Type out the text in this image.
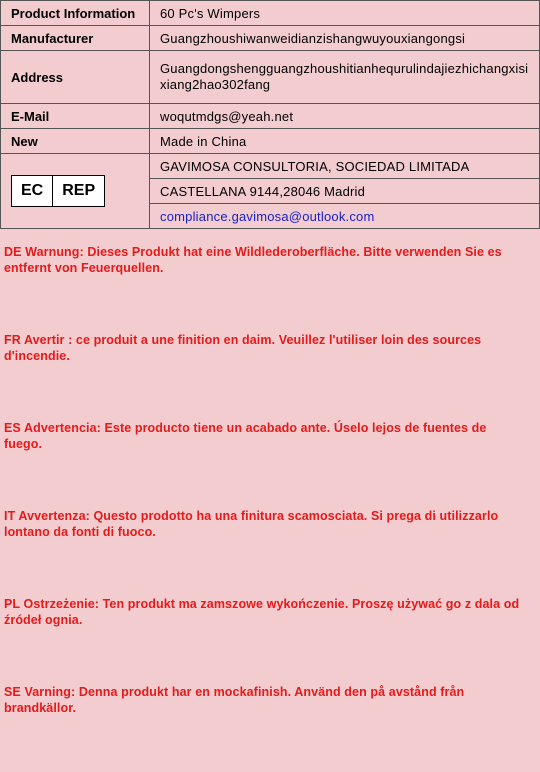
Product Information	60 Pc's Wimpers
Manufacturer	Guangzhoushiwanweidianzishangwuyouxiangongsi
Address	Guangdongshengguangzhoushitianhequrulindajiezhichangxisixiang2hao302fang
E-Mail	woqutmdgs@yeah.net
New	Made in China

EC REP	GAVIMOSA CONSULTORIA, SOCIEDAD LIMITADA
	CASTELLANA 9144,28046 Madrid
	compliance.gavimosa@outlook.com

DE Warnung: Dieses Produkt hat eine Wildlederoberfläche. Bitte verwenden Sie es entfernt von Feuerquellen.

FR Avertir : ce produit a une finition en daim. Veuillez l'utiliser loin des sources d'incendie.

ES Advertencia: Este producto tiene un acabado ante. Úselo lejos de fuentes de fuego.

IT Avvertenza: Questo prodotto ha una finitura scamosciata. Si prega di utilizzarlo lontano da fonti di fuoco.

PL Ostrzeżenie: Ten produkt ma zamszowe wykończenie. Proszę używać go z dala od źródeł ognia.

SE Varning: Denna produkt har en mockafinish. Använd den på avstånd från brandkällor.
